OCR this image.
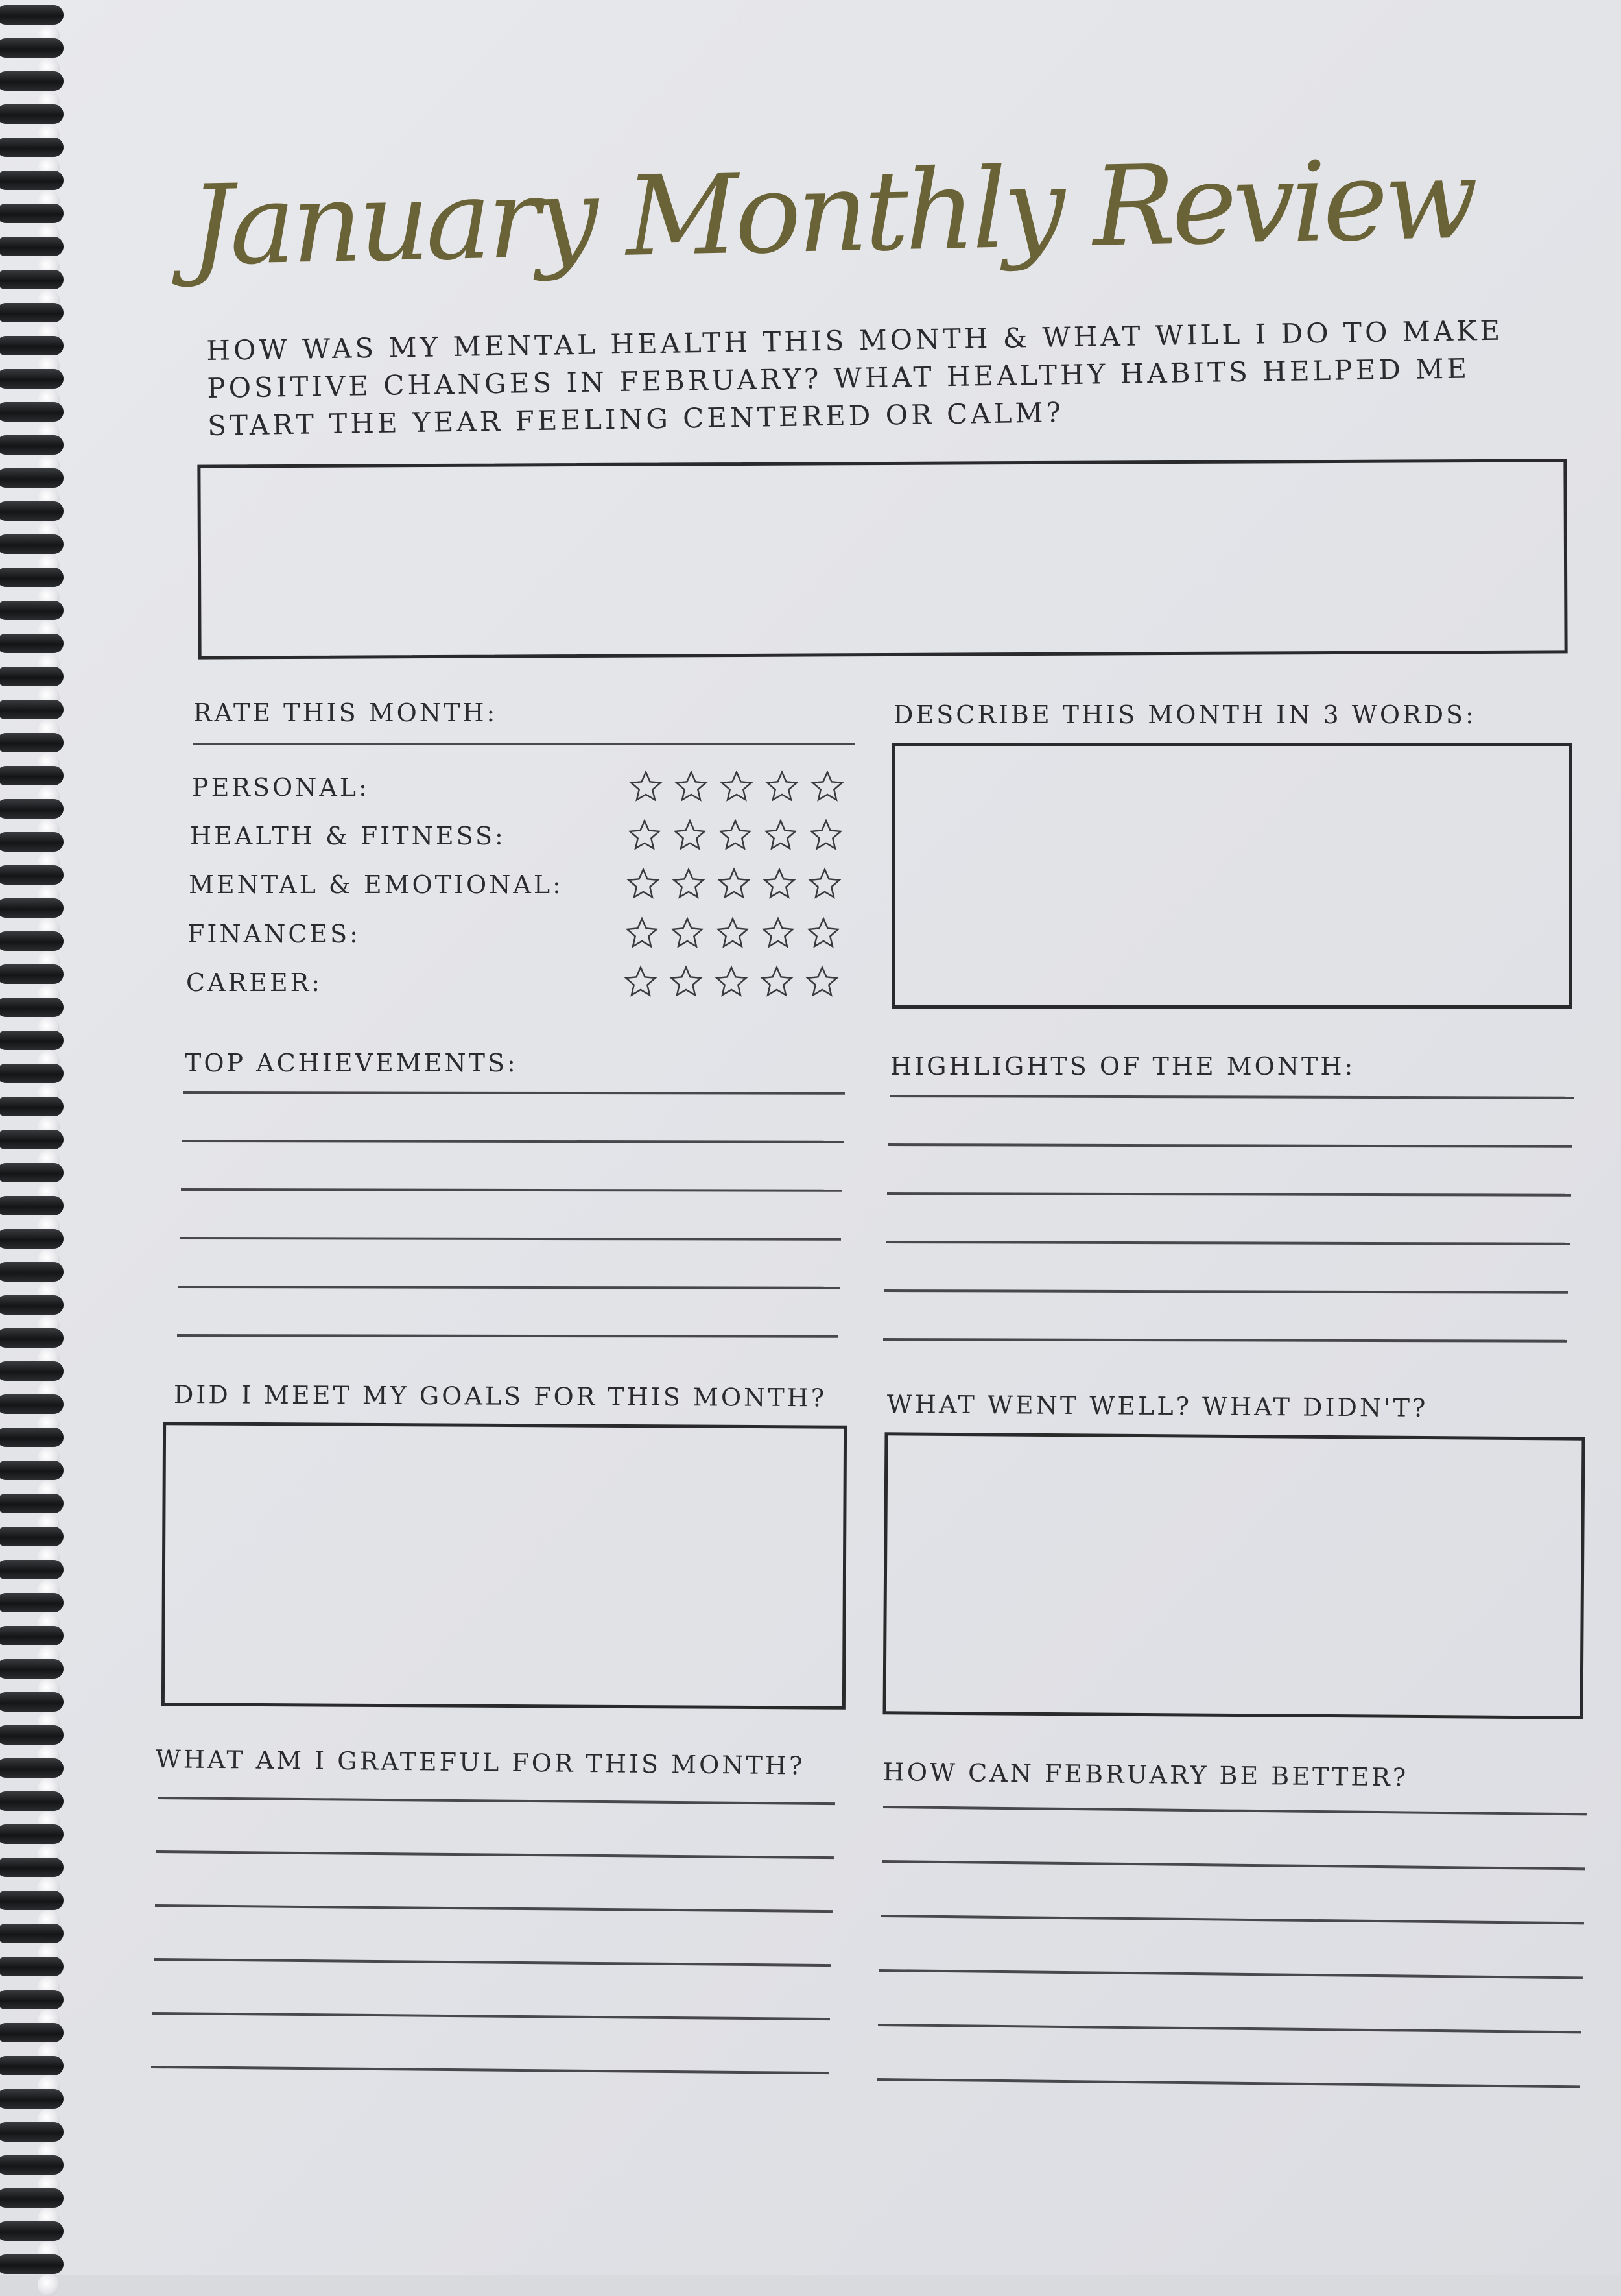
January Monthly Review
HOW WAS MY MENTAL HEALTH THIS MONTH & WHAT WILL I DO TO MAKE
POSITIVE CHANGES IN FEBRUARY? WHAT HEALTHY HABITS HELPED ME
START THE YEAR FEELING CENTERED OR CALM?
RATE THIS MONTH:
PERSONAL:
HEALTH & FITNESS:
MENTAL & EMOTIONAL:
FINANCES:
CAREER:
DESCRIBE THIS MONTH IN 3 WORDS:
TOP ACHIEVEMENTS:	HIGHLIGHTS OF THE MONTH:
DID I MEET MY GOALS FOR THIS MONTH? WHAT WENT WELL? WHAT DIDN'T?
WHAT AM I GRATEFUL FOR THIS MONTH?	HOW CAN FEBRUARY BE BETTER?
